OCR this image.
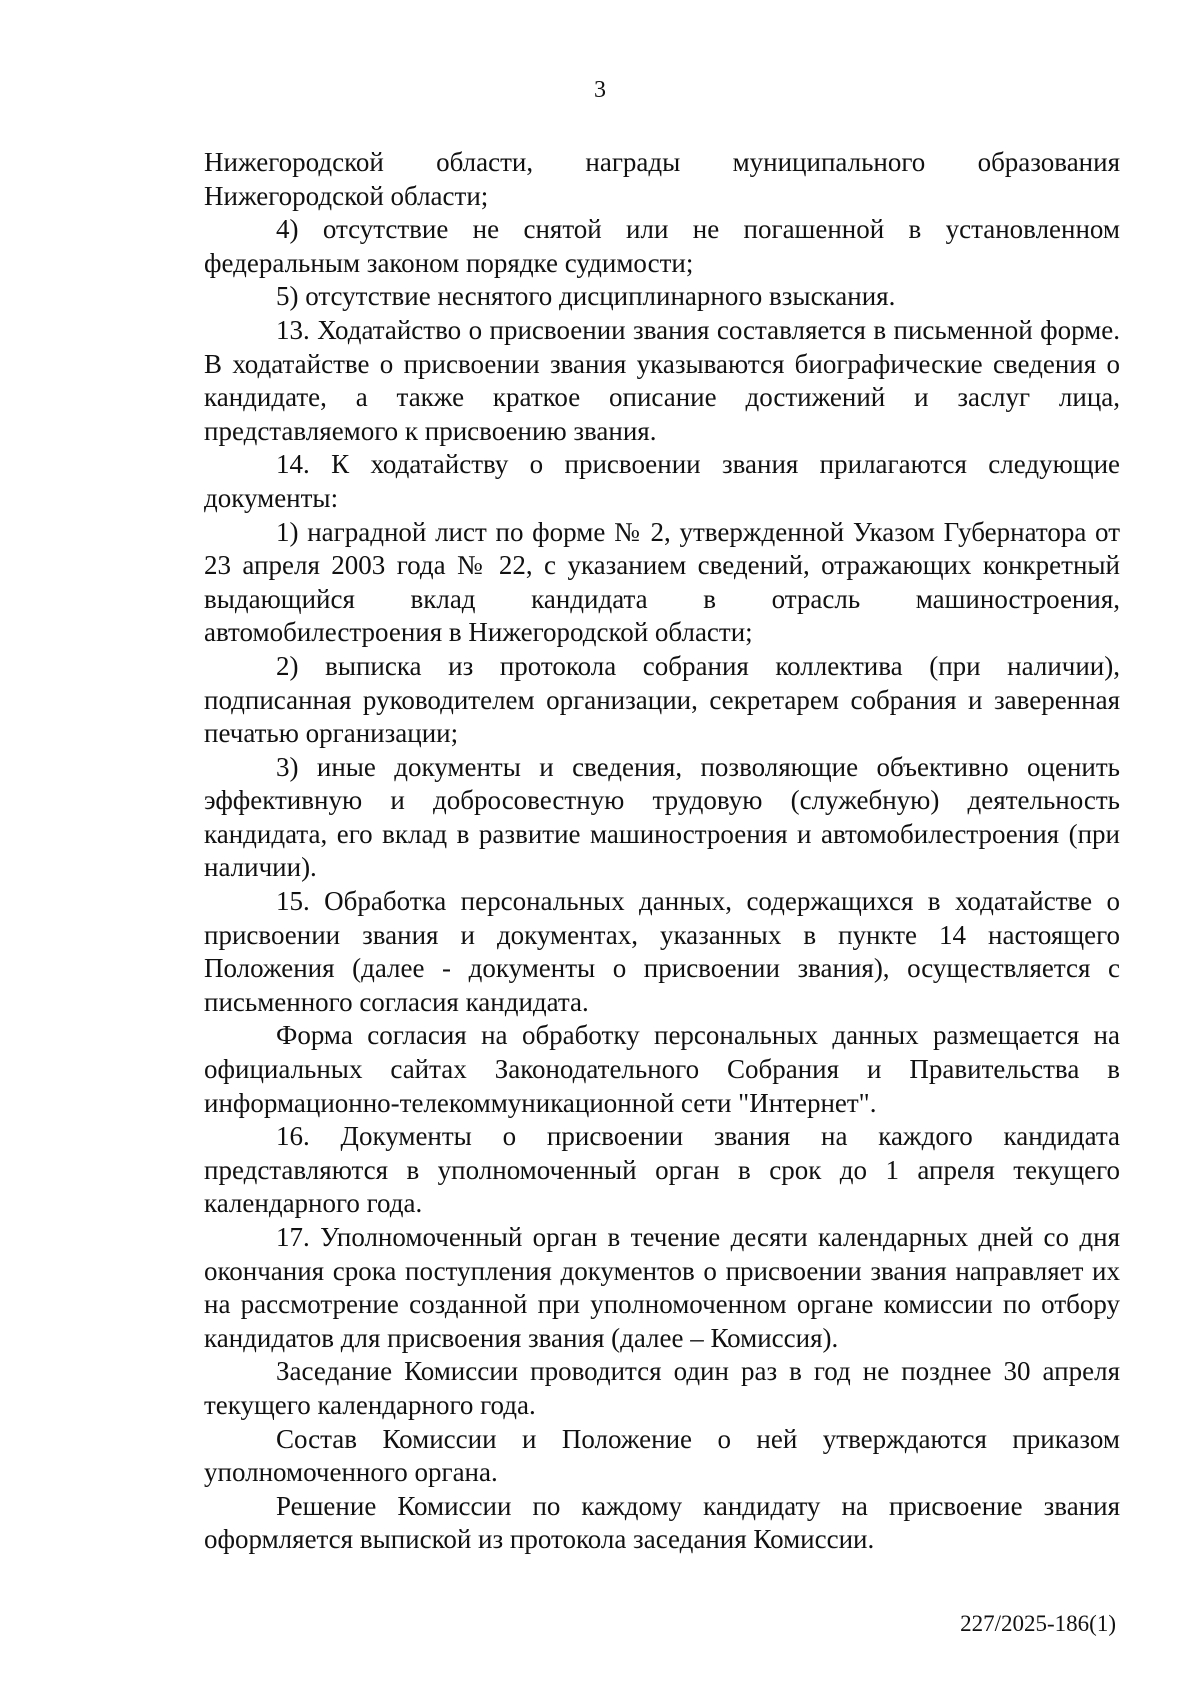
3

Нижегородской области, награды муниципального образования Нижегородской области;

4) отсутствие не снятой или не погашенной в установленном федеральным законом порядке судимости;

5) отсутствие неснятого дисциплинарного взыскания.

13. Ходатайство о присвоении звания составляется в письменной форме. В ходатайстве о присвоении звания указываются биографические сведения о кандидате, а также краткое описание достижений и заслуг лица, представляемого к присвоению звания.

14. К ходатайству о присвоении звания прилагаются следующие документы:

1) наградной лист по форме № 2, утвержденной Указом Губернатора от 23 апреля 2003 года № 22, с указанием сведений, отражающих конкретный выдающийся вклад кандидата в отрасль машиностроения, автомобилестроения в Нижегородской области;

2) выписка из протокола собрания коллектива (при наличии), подписанная руководителем организации, секретарем собрания и заверенная печатью организации;

3) иные документы и сведения, позволяющие объективно оценить эффективную и добросовестную трудовую (служебную) деятельность кандидата, его вклад в развитие машиностроения и автомобилестроения (при наличии).

15. Обработка персональных данных, содержащихся в ходатайстве о присвоении звания и документах, указанных в пункте 14 настоящего Положения (далее - документы о присвоении звания), осуществляется с письменного согласия кандидата.

Форма согласия на обработку персональных данных размещается на официальных сайтах Законодательного Собрания и Правительства в информационно-телекоммуникационной сети "Интернет".

16. Документы о присвоении звания на каждого кандидата представляются в уполномоченный орган в срок до 1 апреля текущего календарного года.

17. Уполномоченный орган в течение десяти календарных дней со дня окончания срока поступления документов о присвоении звания направляет их на рассмотрение созданной при уполномоченном органе комиссии по отбору кандидатов для присвоения звания (далее – Комиссия).

Заседание Комиссии проводится один раз в год не позднее 30 апреля текущего календарного года.

Состав Комиссии и Положение о ней утверждаются приказом уполномоченного органа.

Решение Комиссии по каждому кандидату на присвоение звания оформляется выпиской из протокола заседания Комиссии.

227/2025-186(1)
